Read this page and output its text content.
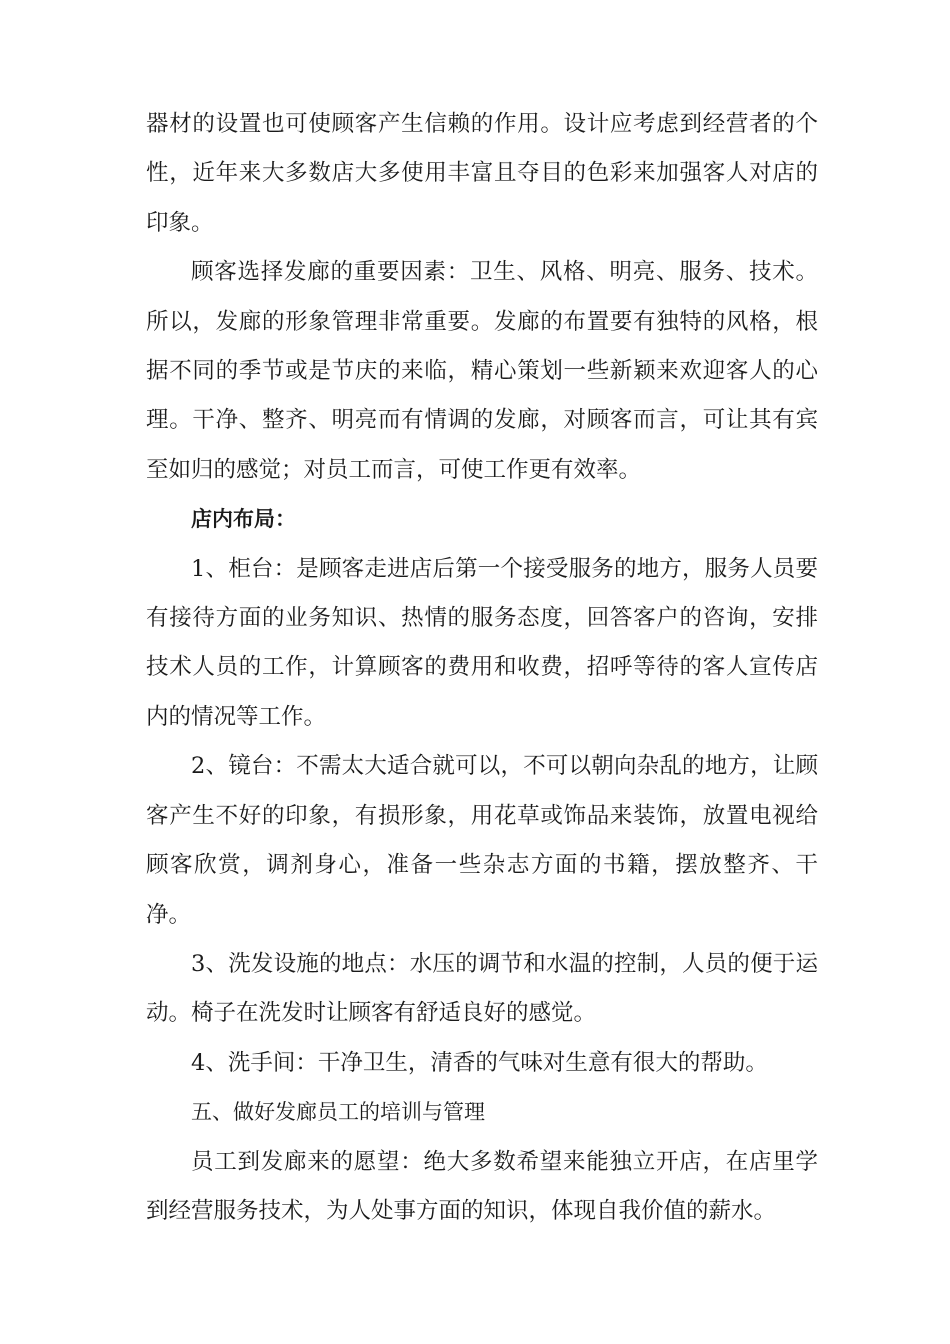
器材的设置也可使顾客产生信赖的作用。设计应考虑到经营者的个性，近年来大多数店大多使用丰富且夺目的色彩来加强客人对店的印象。

顾客选择发廊的重要因素：卫生、风格、明亮、服务、技术。所以，发廊的形象管理非常重要。发廊的布置要有独特的风格，根据不同的季节或是节庆的来临，精心策划一些新颖来欢迎客人的心理。干净、整齐、明亮而有情调的发廊，对顾客而言，可让其有宾至如归的感觉；对员工而言，可使工作更有效率。

店内布局：

1、柜台：是顾客走进店后第一个接受服务的地方，服务人员要有接待方面的业务知识、热情的服务态度，回答客户的咨询，安排技术人员的工作，计算顾客的费用和收费，招呼等待的客人宣传店内的情况等工作。

2、镜台：不需太大适合就可以，不可以朝向杂乱的地方，让顾客产生不好的印象，有损形象，用花草或饰品来装饰，放置电视给顾客欣赏，调剂身心，准备一些杂志方面的书籍，摆放整齐、干净。

3、洗发设施的地点：水压的调节和水温的控制，人员的便于运动。椅子在洗发时让顾客有舒适良好的感觉。

4、洗手间：干净卫生，清香的气味对生意有很大的帮助。

五、做好发廊员工的培训与管理

员工到发廊来的愿望：绝大多数希望来能独立开店，在店里学到经营服务技术，为人处事方面的知识，体现自我价值的薪水。
